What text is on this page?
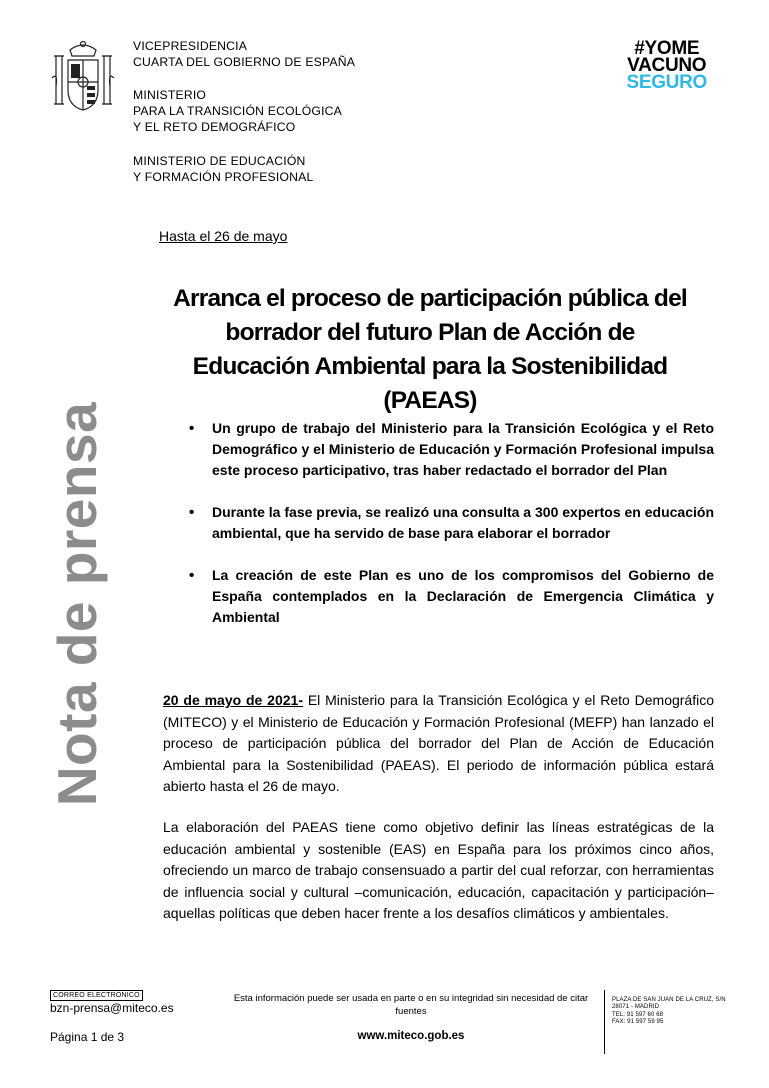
VICEPRESIDENCIA
CUARTA DEL GOBIERNO DE ESPAÑA
MINISTERIO
PARA LA TRANSICIÓN ECOLÓGICA
Y EL RETO DEMOGRÁFICO
MINISTERIO DE EDUCACIÓN
Y FORMACIÓN PROFESIONAL
#YOME
VACUNO
SEGURO
Hasta el 26 de mayo
Arranca el proceso de participación pública del borrador del futuro Plan de Acción de Educación Ambiental para la Sostenibilidad (PAEAS)
Nota de prensa
•	Un grupo de trabajo del Ministerio para la Transición Ecológica y el Reto Demográfico y el Ministerio de Educación y Formación Profesional impulsa este proceso participativo, tras haber redactado el borrador del Plan
• Durante la fase previa, se realizó una consulta a 300 expertos en educación ambiental, que ha servido de base para elaborar el borrador
• La creación de este Plan es uno de los compromisos del Gobierno de España contemplados en la Declaración de Emergencia Climática y Ambiental
20 de mayo de 2021- El Ministerio para la Transición Ecológica y el Reto Demográfico (MITECO) y el Ministerio de Educación y Formación Profesional (MEFP) han lanzado el proceso de participación pública del borrador del Plan de Acción de Educación Ambiental para la Sostenibilidad (PAEAS). El periodo de información pública estará abierto hasta el 26 de mayo.
La elaboración del PAEAS tiene como objetivo definir las líneas estratégicas de la educación ambiental y sostenible (EAS) en España para los próximos cinco años, ofreciendo un marco de trabajo consensuado a partir del cual reforzar, con herramientas de influencia social y cultural –comunicación, educación, capacitación y participación– aquellas políticas que deben hacer frente a los desafíos climáticos y ambientales.
CORREO ELECTRÓNICO
bzn-prensa@miteco.es
Esta información puede ser usada en parte o en su integridad sin necesidad de citar fuentes
www.miteco.gob.es
Página 1 de 3
PLAZA DE SAN JUAN DE LA CRUZ, S/N
28071 - MADRID
TEL: 91 597 60 68
FAX: 91 597 59 95
